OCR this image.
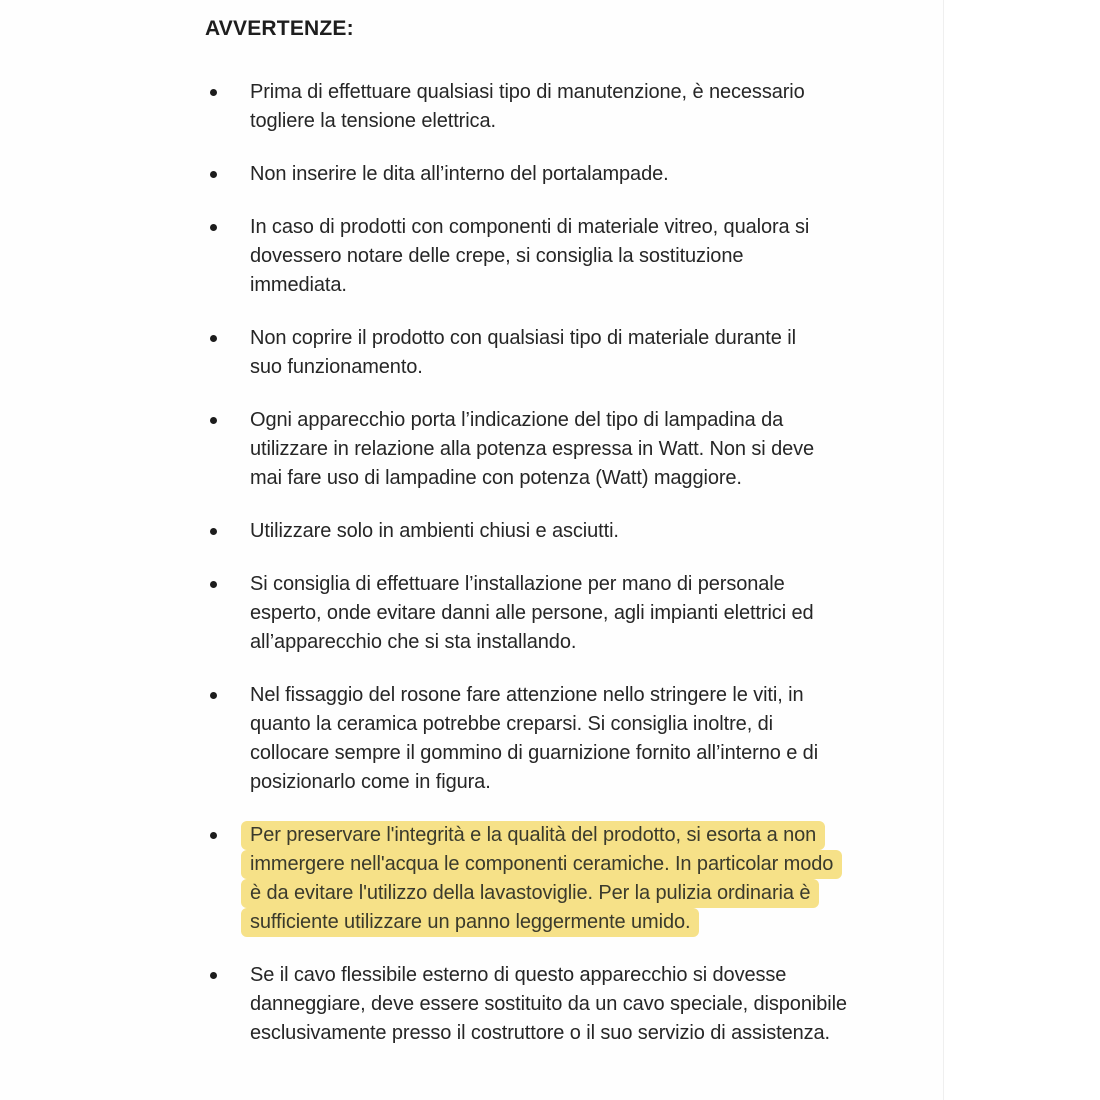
AVVERTENZE:
Prima di effettuare qualsiasi tipo di manutenzione, è necessario
togliere la tensione elettrica.
Non inserire le dita all’interno del portalampade.
In caso di prodotti con componenti di materiale vitreo, qualora si
dovessero notare delle crepe, si consiglia la sostituzione
immediata.
Non coprire il prodotto con qualsiasi tipo di materiale durante il
suo funzionamento.
Ogni apparecchio porta l’indicazione del tipo di lampadina da
utilizzare in relazione alla potenza espressa in Watt. Non si deve
mai fare uso di lampadine con potenza (Watt) maggiore.
Utilizzare solo in ambienti chiusi e asciutti.
Si consiglia di effettuare l’installazione per mano di personale
esperto, onde evitare danni alle persone, agli impianti elettrici ed
all’apparecchio che si sta installando.
Nel fissaggio del rosone fare attenzione nello stringere le viti, in
quanto la ceramica potrebbe creparsi. Si consiglia inoltre, di
collocare sempre il gommino di guarnizione fornito all’interno e di
posizionarlo come in figura.
Per preservare l'integrità e la qualità del prodotto, si esorta a non
immergere nell'acqua le componenti ceramiche. In particolar modo
è da evitare l'utilizzo della lavastoviglie. Per la pulizia ordinaria è
sufficiente utilizzare un panno leggermente umido.
Se il cavo flessibile esterno di questo apparecchio si dovesse
danneggiare, deve essere sostituito da un cavo speciale, disponibile
esclusivamente presso il costruttore o il suo servizio di assistenza.
